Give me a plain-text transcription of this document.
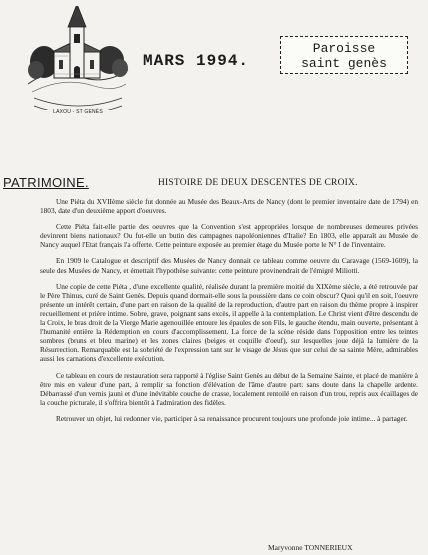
LAXOU - ST GENÈS
MARS 1994.
Paroisse
saint genès
PATRIMOINE.	HISTOIRE DE DEUX DESCENTES DE CROIX.

Une Piéta du XVIIème siècle fut donnée au Musée des Beaux-Arts de Nancy (dont le premier inventaire date de 1794) en 1803, date d'un deuxième apport d'oeuvres.

Cette Piéta fait-elle partie des oeuvres que la Convention s'est appropriées lorsque de nombreuses demeures privées devinrent biens nationaux? Ou fut-elle un butin des campagnes napoléoniennes d'Italie? En 1803, elle apparaît au Musée de Nancy auquel l'Etat français l'a offerte. Cette peinture exposée au premier étage du Musée porte le N° I de l'inventaire.

En 1909 le Catalogue et descriptif des Musées de Nancy donnait ce tableau comme oeuvre du Caravage (1569-1609), la seule des Musées de Nancy, et émettait l'hypothèse suivante: cette peinture provinendrait de l'émigré Miliotti.

Une copie de cette Piéta , d'une excellente qualité, réalisée durant la première moitié du XIXème siècle, a été retrouvée par le Père Thinus, curé de Saint Genès. Depuis quand dormait-elle sous la poussière dans ce coin obscur? Quoi qu'il en soit, l'oeuvre présente un intérêt certain, d'une part en raison de la qualité de la reproduction, d'autre part en raison du thème propre à inspirer recueillement et prière intime. Sobre, grave, poignant sans excès, il appelle à la contemplation. Le Christ vient d'être descendu de la Croix, le bras droit de la Vierge Marie agenouillée entoure les épaules de son Fils, le gauche étendu, main ouverte, présentant à l'humanité entière la Rédemption en cours d'accomplissement. La force de la scène réside dans l'opposition entre les teintes sombres (bruns et bleu marine) et les zones claires (beiges et coquille d'oeuf), sur lesquelles joue déjà la lumière de la Résurrection. Remarquable est la sobriété de l'expression tant sur le visage de Jésus que sur celui de sa sainte Mère, admirables aussi les carnations d'excellente exécution.

Ce tableau en cours de restauration sera rapporté à l'église Saint Genès au début de la Semaine Sainte, et placé de manière à être mis en valeur d'une part, à remplir sa fonction d'élévation de l'âme d'autre part: sans doute dans la chapelle ardente. Débarrassé d'un vernis jauni et d'une inévitable couche de crasse, localement rentoilé en raison d'un trou, repris aux écaillages de la couche picturale, il s'offrira bientôt à l'admiration des fidèles.

Retrouver un objet, lui redonner vie, participer à sa renaissance procurent toujours une profonde joie intime... à partager.

Maryvonne TONNERIEUX
